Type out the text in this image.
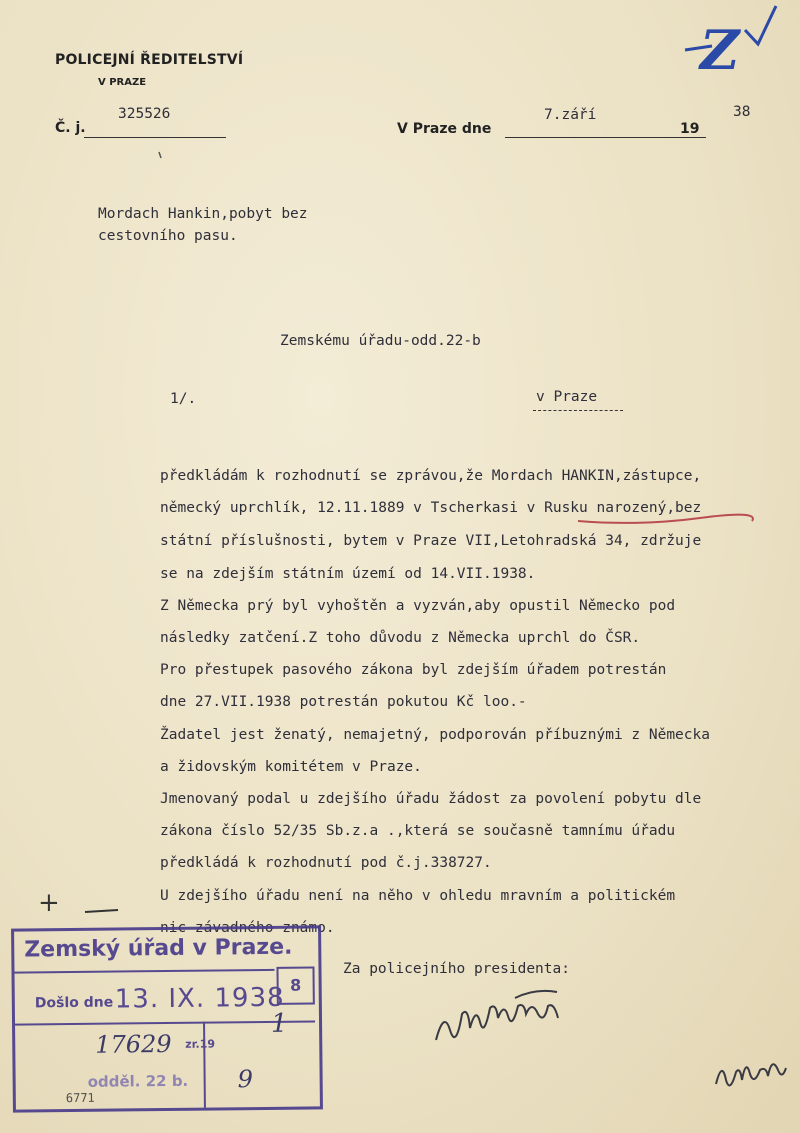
POLICEJNÍ ŘEDITELSTVÍ
V PRAZE
Č. j.
325526
V Praze dne
7.září
19
38
Mordach Hankin,pobyt bez
cestovního pasu.
Zemskému úřadu-odd.22-b
1/.	v Praze
předkládám k rozhodnutí se zprávou,že Mordach HANKIN,zástupce,
německý uprchlík, 12.11.1889 v Tscherkasi v Rusku narozený,bez
státní příslušnosti, bytem v Praze VII,Letohradská 34, zdržuje
se na zdejším státním území od 14.VII.1938.
Z Německa prý byl vyhoštěn a vyzván,aby opustil Německo pod
následky zatčení.Z toho důvodu z Německa uprchl do ČSR.
Pro přestupek pasového zákona byl zdejším úřadem potrestán
dne 27.VII.1938 potrestán pokutou Kč loo.-
Žadatel jest ženatý, nemajetný, podporován příbuznými z Německa
a židovským komitétem v Praze.
Jmenovaný podal u zdejšího úřadu žádost za povolení pobytu dle
zákona číslo 52/35 Sb.z.a .,která se současně tamnímu úřadu
předkládá k rozhodnutí pod č.j.338727.
U zdejšího úřadu není na něho v ohledu mravním a politickém
nic závadného známo.
Za policejního presidenta:
+
Z
Zemský úřad v Praze.
8
Došlo dne 13. IX. 1938
17629 zr.19
odděl. 22 b.
6771
1
9
